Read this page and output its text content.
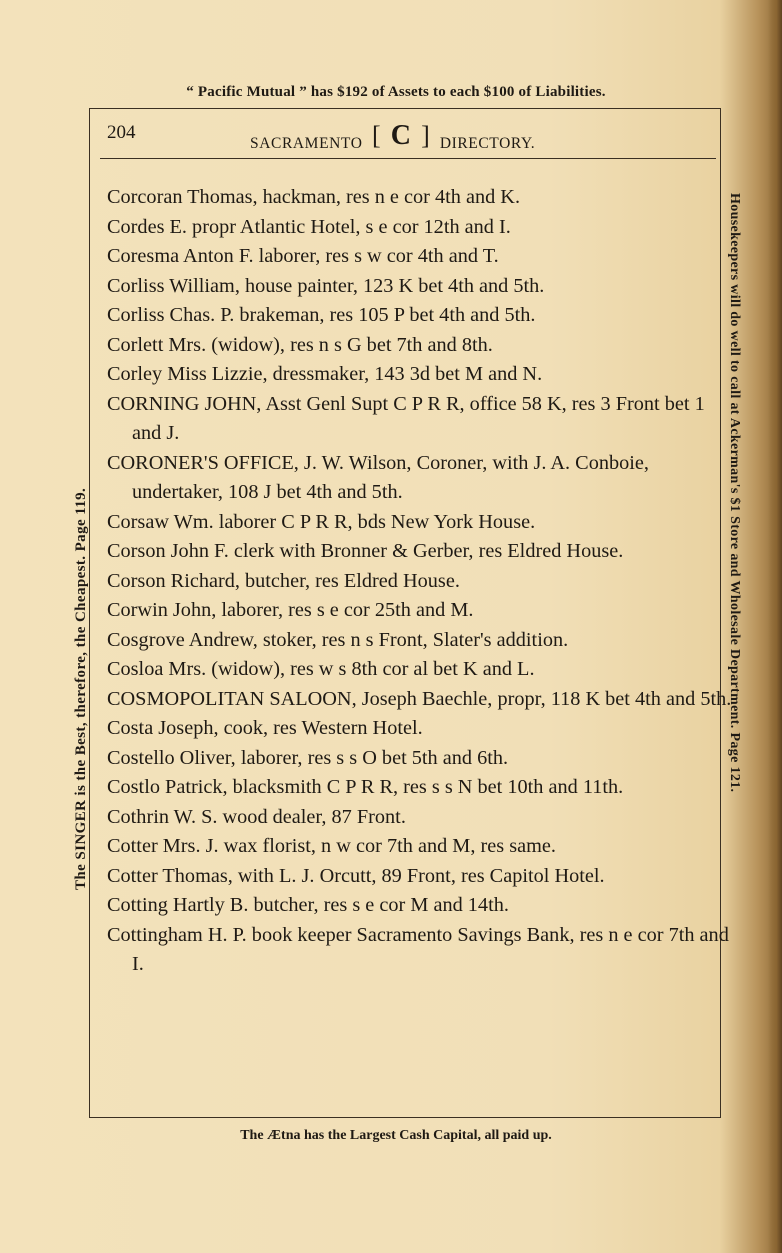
“ Pacific Mutual ” has $192 of Assets to each $100 of Liabilities.
204
SACRAMENTO [ C ] DIRECTORY.
Corcoran Thomas, hackman, res n e cor 4th and K.
Cordes E. propr Atlantic Hotel, s e cor 12th and I.
Coresma Anton F. laborer, res s w cor 4th and T.
Corliss William, house painter, 123 K bet 4th and 5th.
Corliss Chas. P. brakeman, res 105 P bet 4th and 5th.
Corlett Mrs. (widow), res n s G bet 7th and 8th.
Corley Miss Lizzie, dressmaker, 143 3d bet M and N.
CORNING JOHN, Asst Genl Supt C P R R, office 58 K, res 3 Front bet 1 and J.
CORONER'S OFFICE, J. W. Wilson, Coroner, with J. A. Conboie, undertaker, 108 J bet 4th and 5th.
Corsaw Wm. laborer C P R R, bds New York House.
Corson John F. clerk with Bronner & Gerber, res Eldred House.
Corson Richard, butcher, res Eldred House.
Corwin John, laborer, res s e cor 25th and M.
Cosgrove Andrew, stoker, res n s Front, Slater's addition.
Cosloa Mrs. (widow), res w s 8th cor al bet K and L.
COSMOPOLITAN SALOON, Joseph Baechle, propr, 118 K bet 4th and 5th.
Costa Joseph, cook, res Western Hotel.
Costello Oliver, laborer, res s s O bet 5th and 6th.
Costlo Patrick, blacksmith C P R R, res s s N bet 10th and 11th.
Cothrin W. S. wood dealer, 87 Front.
Cotter Mrs. J. wax florist, n w cor 7th and M, res same.
Cotter Thomas, with L. J. Orcutt, 89 Front, res Capitol Hotel.
Cotting Hartly B. butcher, res s e cor M and 14th.
Cottingham H. P. book keeper Sacramento Savings Bank, res n e cor 7th and I.
The SINGER is the Best, therefore, the Cheapest. Page 119.	Housekeepers will do well to call at Ackerman's $1 Store and Wholesale Department. Page 121.
The Ætna has the Largest Cash Capital, all paid up.
